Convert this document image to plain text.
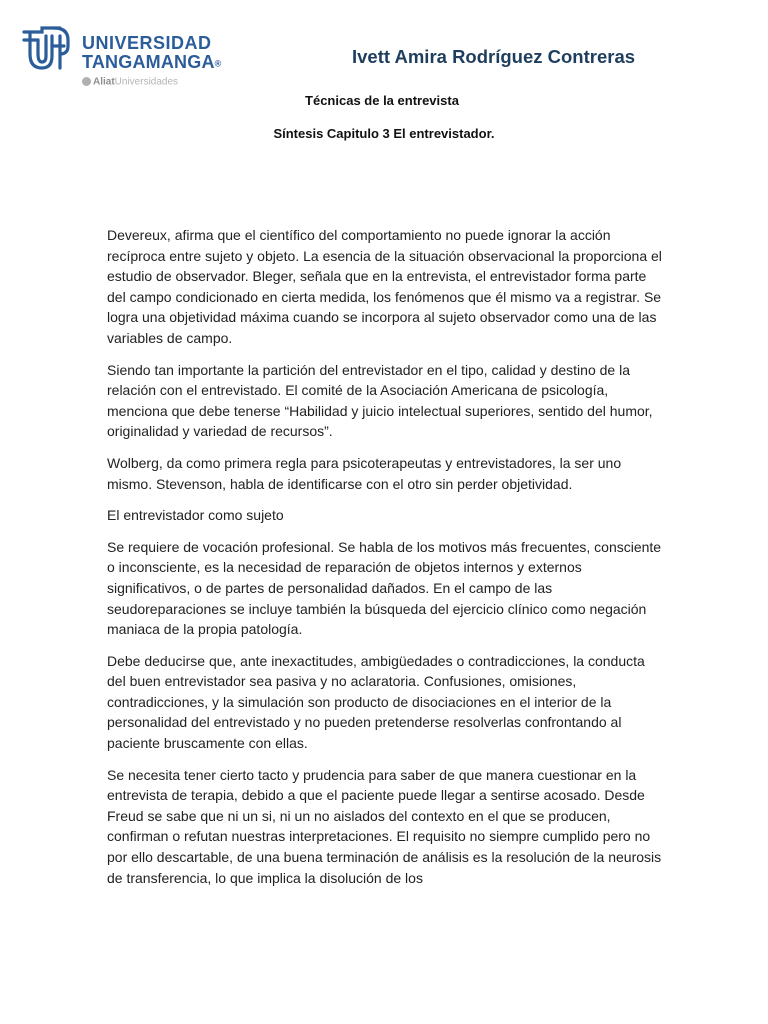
UNIVERSIDAD
TANGAMANGA®
AliatUniversidades
Ivett Amira Rodríguez Contreras
Técnicas de la entrevista
Síntesis Capitulo 3 El entrevistador.

Devereux, afirma que el científico del comportamiento no puede ignorar la acción recíproca entre sujeto y objeto. La esencia de la situación observacional la proporciona el estudio de observador. Bleger, señala que en la entrevista, el entrevistador forma parte del campo condicionado en cierta medida, los fenómenos que él mismo va a registrar. Se logra una objetividad máxima cuando se incorpora al sujeto observador como una de las variables de campo.

Siendo tan importante la partición del entrevistador en el tipo, calidad y destino de la relación con el entrevistado. El comité de la Asociación Americana de psicología, menciona que debe tenerse “Habilidad y juicio intelectual superiores, sentido del humor, originalidad y variedad de recursos”.

Wolberg, da como primera regla para psicoterapeutas y entrevistadores, la ser uno mismo. Stevenson, habla de identificarse con el otro sin perder objetividad.

El entrevistador como sujeto

Se requiere de vocación profesional. Se habla de los motivos más frecuentes, consciente o inconsciente, es la necesidad de reparación de objetos internos y externos significativos, o de partes de personalidad dañados. En el campo de las seudoreparaciones se incluye también la búsqueda del ejercicio clínico como negación maniaca de la propia patología.

Debe deducirse que, ante inexactitudes, ambigüedades o contradicciones, la conducta del buen entrevistador sea pasiva y no aclaratoria. Confusiones, omisiones, contradicciones, y la simulación son producto de disociaciones en el interior de la personalidad del entrevistado y no pueden pretenderse resolverlas confrontando al paciente bruscamente con ellas.

Se necesita tener cierto tacto y prudencia para saber de que manera cuestionar en la entrevista de terapia, debido a que el paciente puede llegar a sentirse acosado. Desde Freud se sabe que ni un si, ni un no aislados del contexto en el que se producen, confirman o refutan nuestras interpretaciones. El requisito no siempre cumplido pero no por ello descartable, de una buena terminación de análisis es la resolución de la neurosis de transferencia, lo que implica la disolución de los
